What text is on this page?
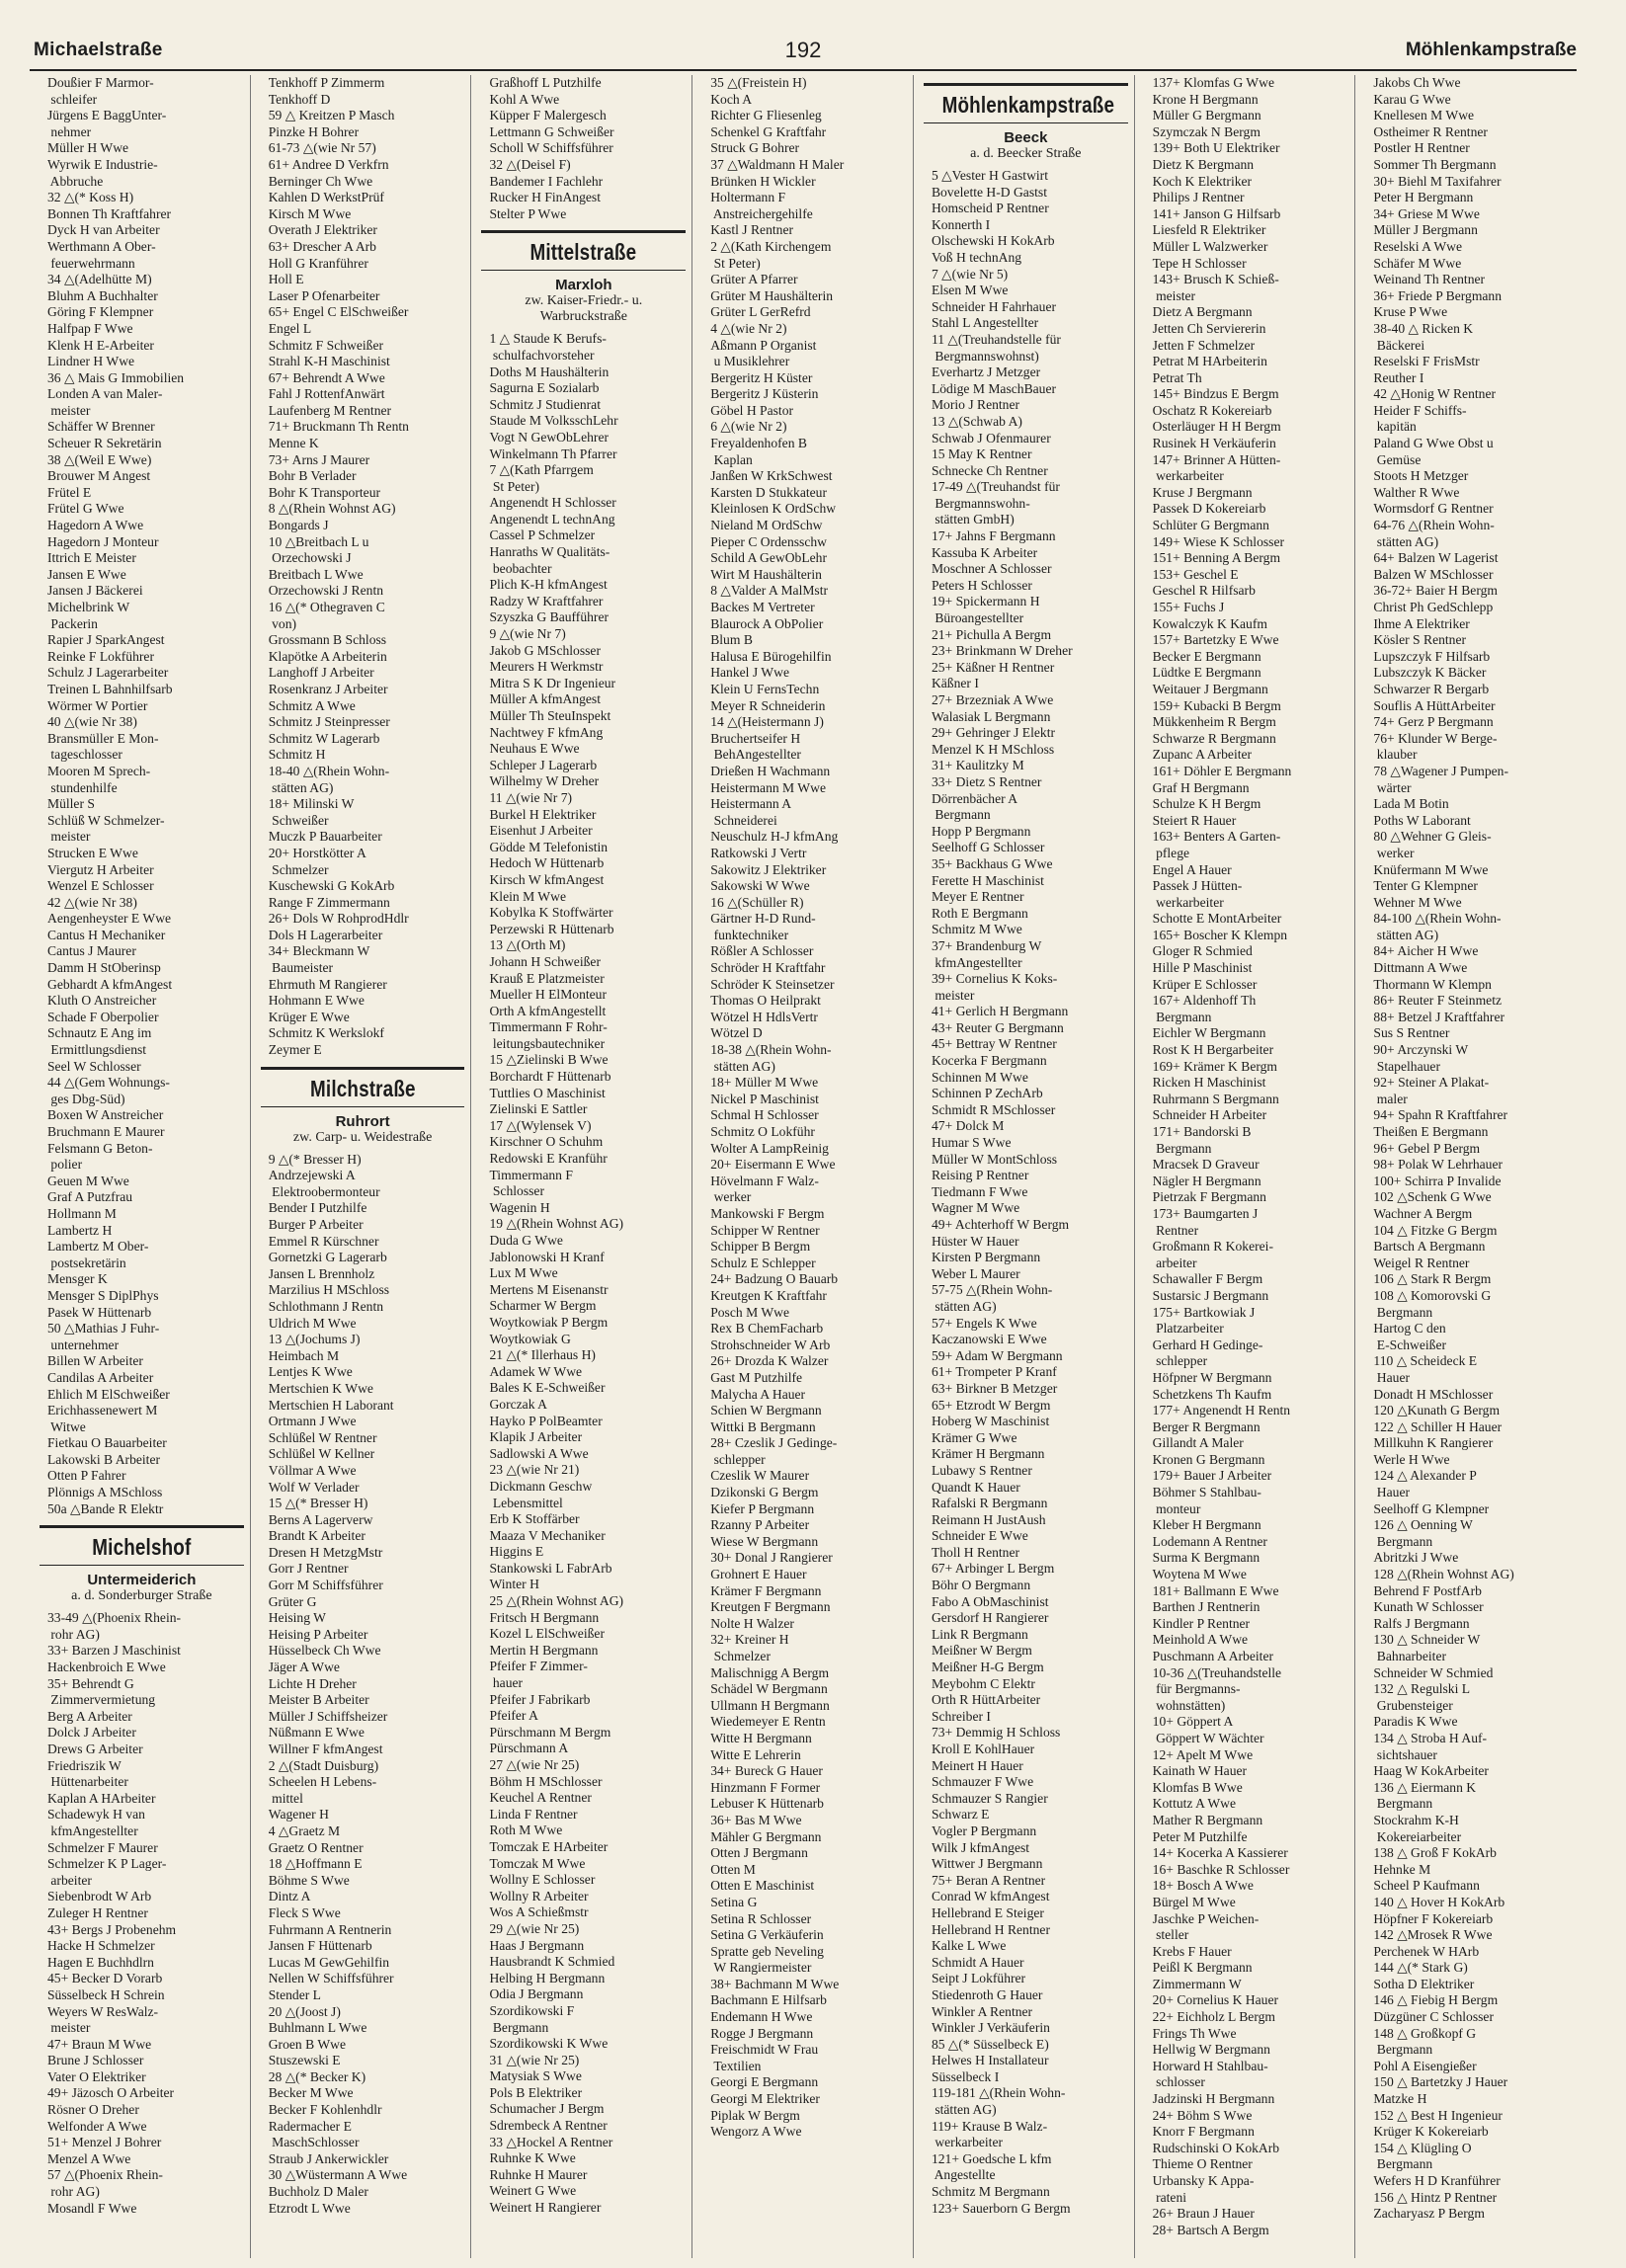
Michaelstraße	192	Möhlenkampstraße
Doußier F Marmor-
schleifer
Jürgens E BaggUnter-
nehmer
Müller H Wwe
Wyrwik E Industrie-
Abbruche
32 △(* Koss H)
Bonnen Th Kraftfahrer
Dyck H van Arbeiter
Werthmann A Ober-
feuerwehrmann
34 △(Adelhütte M)
Bluhm A Buchhalter
Göring F Klempner
Halfpap F Wwe
Klenk H E-Arbeiter
Lindner H Wwe
36 △ Mais G Immobilien
Londen A van Maler-
meister
Schäffer W Brenner
Scheuer R Sekretärin
38 △(Weil E Wwe)
Brouwer M Angest
Frütel E
Frütel G Wwe
Hagedorn A Wwe
Hagedorn J Monteur
Ittrich E Meister
Jansen E Wwe
Jansen J Bäckerei
Michelbrink W
Packerin
Rapier J SparkAngest
Reinke F Lokführer
Schulz J Lagerarbeiter
Treinen L Bahnhilfsarb
Wörmer W Portier
40 △(wie Nr 38)
Bransmüller E Mon-
tageschlosser
Mooren M Sprech-
stundenhilfe
Müller S
Schlüß W Schmelzer-
meister
Strucken E Wwe
Viergutz H Arbeiter
Wenzel E Schlosser
42 △(wie Nr 38)
Aengenheyster E Wwe
Cantus H Mechaniker
Cantus J Maurer
Damm H StOberinsp
Gebhardt A kfmAngest
Kluth O Anstreicher
Schade F Oberpolier
Schnautz E Ang im
Ermittlungsdienst
Seel W Schlosser
44 △(Gem Wohnungs-
ges Dbg-Süd)
Boxen W Anstreicher
Bruchmann E Maurer
Felsmann G Beton-
polier
Geuen M Wwe
Graf A Putzfrau
Hollmann M
Lambertz H
Lambertz M Ober-
postsekretärin
Mensger K
Mensger S DiplPhys
Pasek W Hüttenarb
50 △Mathias J Fuhr-
unternehmer
Billen W Arbeiter
Candilas A Arbeiter
Ehlich M ElSchweißer
Erichhassenewert M
Witwe
Fietkau O Bauarbeiter
Lakowski B Arbeiter
Otten P Fahrer
Plönnigs A MSchloss
50a △Bande R Elektr
Michelshof
Untermeiderich
a. d. Sonderburger Straße
33-49 △(Phoenix Rhein-
rohr AG)
33+ Barzen J Maschinist
Hackenbroich E Wwe
35+ Behrendt G
Zimmervermietung
Berg A Arbeiter
Dolck J Arbeiter
Drews G Arbeiter
Friedriszik W
Hüttenarbeiter
Kaplan A HArbeiter
Schadewyk H van
kfmAngestellter
Schmelzer F Maurer
Schmelzer K P Lager-
arbeiter
Siebenbrodt W Arb
Zuleger H Rentner
43+ Bergs J Probenehm
Hacke H Schmelzer
Hagen E Buchhdlrn
45+ Becker D Vorarb
Süsselbeck H Schrein
Weyers W ResWalz-
meister
47+ Braun M Wwe
Brune J Schlosser
Vater O Elektriker
49+ Jäzosch O Arbeiter
Rösner O Dreher
Welfonder A Wwe
51+ Menzel J Bohrer
Menzel A Wwe
57 △(Phoenix Rhein-
rohr AG)
Mosandl F Wwe
Tenkhoff P Zimmerm
Tenkhoff D
59 △ Kreitzen P Masch
Pinzke H Bohrer
61-73 △(wie Nr 57)
61+ Andree D Verkfrn
Berninger Ch Wwe
Kahlen D WerkstPrüf
Kirsch M Wwe
Overath J Elektriker
63+ Drescher A Arb
Holl G Kranführer
Holl E
Laser P Ofenarbeiter
65+ Engel C ElSchweißer
Engel L
Schmitz F Schweißer
Strahl K-H Maschinist
67+ Behrendt A Wwe
Fahl J RottenfAnwärt
Laufenberg M Rentner
71+ Bruckmann Th Rentn
Menne K
73+ Arns J Maurer
Bohr B Verlader
Bohr K Transporteur
8 △(Rhein Wohnst AG)
Bongards J
10 △Breitbach L u
Orzechowski J
Breitbach L Wwe
Orzechowski J Rentn
16 △(* Othegraven C
von)
Grossmann B Schloss
Klapötke A Arbeiterin
Langhoff J Arbeiter
Rosenkranz J Arbeiter
Schmitz A Wwe
Schmitz J Steinpresser
Schmitz W Lagerarb
Schmitz H
18-40 △(Rhein Wohn-
stätten AG)
18+ Milinski W
Schweißer
Muczk P Bauarbeiter
20+ Horstkötter A
Schmelzer
Kuschewski G KokArb
Range F Zimmermann
26+ Dols W RohprodHdlr
Dols H Lagerarbeiter
34+ Bleckmann W
Baumeister
Ehrmuth M Rangierer
Hohmann E Wwe
Krüger E Wwe
Schmitz K Werkslokf
Zeymer E
Milchstraße
Ruhrort
zw. Carp- u. Weidestraße
9 △(* Bresser H)
Andrzejewski A
Elektroobermonteur
Bender I Putzhilfe
Burger P Arbeiter
Emmel R Kürschner
Gornetzki G Lagerarb
Jansen L Brennholz
Marzilius H MSchloss
Schlothmann J Rentn
Uldrich M Wwe
13 △(Jochums J)
Heimbach M
Lentjes K Wwe
Mertschien K Wwe
Mertschien H Laborant
Ortmann J Wwe
Schlüßel W Rentner
Schlüßel W Kellner
Völlmar A Wwe
Wolf W Verlader
15 △(* Bresser H)
Berns A Lagerverw
Brandt K Arbeiter
Dresen H MetzgMstr
Gorr J Rentner
Gorr M Schiffsführer
Grüter G
Heising W
Heising P Arbeiter
Hüsselbeck Ch Wwe
Jäger A Wwe
Lichte H Dreher
Meister B Arbeiter
Müller J Schiffsheizer
Nüßmann E Wwe
Willner F kfmAngest
2 △(Stadt Duisburg)
Scheelen H Lebens-
mittel
Wagener H
4 △Graetz M
Graetz O Rentner
18 △Hoffmann E
Böhme S Wwe
Dintz A
Fleck S Wwe
Fuhrmann A Rentnerin
Jansen F Hüttenarb
Lucas M GewGehilfin
Nellen W Schiffsführer
Stender L
20 △(Joost J)
Buhlmann L Wwe
Groen B Wwe
Stuszewski E
28 △(* Becker K)
Becker M Wwe
Becker F Kohlenhdlr
Radermacher E
MaschSchlosser
Straub J Ankerwickler
30 △Wüstermann A Wwe
Buchholz D Maler
Etzrodt L Wwe
Graßhoff L Putzhilfe
Kohl A Wwe
Küpper F Malergesch
Lettmann G Schweißer
Scholl W Schiffsführer
32 △(Deisel F)
Bandemer I Fachlehr
Rucker H FinAngest
Stelter P Wwe
Mittelstraße
Marxloh
zw. Kaiser-Friedr.- u. Warbruckstraße
1 △ Staude K Berufs-
schulfachvorsteher
Doths M Haushälterin
Sagurna E Sozialarb
Schmitz J Studienrat
Staude M VolksschLehr
Vogt N GewObLehrer
Winkelmann Th Pfarrer
7 △(Kath Pfarrgem
St Peter)
Angenendt H Schlosser
Angenendt L technAng
Cassel P Schmelzer
Hanraths W Qualitäts-
beobachter
Plich K-H kfmAngest
Radzy W Kraftfahrer
Szyszka G Baufführer
9 △(wie Nr 7)
Jakob G MSchlosser
Meurers H Werkmstr
Mitra S K Dr Ingenieur
Müller A kfmAngest
Müller Th SteuInspekt
Nachtwey F kfmAng
Neuhaus E Wwe
Schleper J Lagerarb
Wilhelmy W Dreher
11 △(wie Nr 7)
Burkel H Elektriker
Eisenhut J Arbeiter
Gödde M Telefonistin
Hedoch W Hüttenarb
Kirsch W kfmAngest
Klein M Wwe
Kobylka K Stoffwärter
Perzewski R Hüttenarb
13 △(Orth M)
Johann H Schweißer
Krauß E Platzmeister
Mueller H ElMonteur
Orth A kfmAngestellt
Timmermann F Rohr-
leitungsbautechniker
15 △Zielinski B Wwe
Borchardt F Hüttenarb
Tuttlies O Maschinist
Zielinski E Sattler
17 △(Wylensek V)
Kirschner O Schuhm
Redowski E Kranführ
Timmermann F
Schlosser
Wagenin H
19 △(Rhein Wohnst AG)
Duda G Wwe
Jablonowski H Kranf
Lux M Wwe
Mertens M Eisenanstr
Scharmer W Bergm
Woytkowiak P Bergm
Woytkowiak G
21 △(* Illerhaus H)
Adamek W Wwe
Bales K E-Schweißer
Gorczak A
Hayko P PolBeamter
Klapik J Arbeiter
Sadlowski A Wwe
23 △(wie Nr 21)
Dickmann Geschw
Lebensmittel
Erb K Stoffärber
Maaza V Mechaniker
Higgins E
Stankowski L FabrArb
Winter H
25 △(Rhein Wohnst AG)
Fritsch H Bergmann
Kozel L ElSchweißer
Mertin H Bergmann
Pfeifer F Zimmer-
hauer
Pfeifer J Fabrikarb
Pfeifer A
Pürschmann M Bergm
Pürschmann A
27 △(wie Nr 25)
Böhm H MSchlosser
Keuchel A Rentner
Linda F Rentner
Roth M Wwe
Tomczak E HArbeiter
Tomczak M Wwe
Wollny E Schlosser
Wollny R Arbeiter
Wos A Schießmstr
29 △(wie Nr 25)
Haas J Bergmann
Hausbrandt K Schmied
Helbing H Bergmann
Odia J Bergmann
Szordikowski F
Bergmann
Szordikowski K Wwe
31 △(wie Nr 25)
Matysiak S Wwe
Pols B Elektriker
Schumacher J Bergm
Sdrembeck A Rentner
33 △Hockel A Rentner
Ruhnke K Wwe
Ruhnke H Maurer
Weinert G Wwe
Weinert H Rangierer
35 △(Freistein H)
Koch A
Richter G Fliesenleg
Schenkel G Kraftfahr
Struck G Bohrer
37 △Waldmann H Maler
Brünken H Wickler
Holtermann F
Anstreichergehilfe
Kastl J Rentner
2 △(Kath Kirchengem
St Peter)
Grüter A Pfarrer
Grüter M Haushälterin
Grüter L GerRefrd
4 △(wie Nr 2)
Aßmann P Organist
u Musiklehrer
Bergeritz H Küster
Bergeritz J Küsterin
Göbel H Pastor
6 △(wie Nr 2)
Freyaldenhofen B
Kaplan
Janßen W KrkSchwest
Karsten D Stukkateur
Kleinlosen K OrdSchw
Nieland M OrdSchw
Pieper C Ordensschw
Schild A GewObLehr
Wirt M Haushälterin
8 △Valder A MalMstr
Backes M Vertreter
Blaurock A ObPolier
Blum B
Halusa E Bürogehilfin
Hankel J Wwe
Klein U FernsTechn
Meyer R Schneiderin
14 △(Heistermann J)
Bruchertseifer H
BehAngestellter
Drießen H Wachmann
Heistermann M Wwe
Heistermann A
Schneiderei
Neuschulz H-J kfmAng
Ratkowski J Vertr
Sakowitz J Elektriker
Sakowski W Wwe
16 △(Schüller R)
Gärtner H-D Rund-
funktechniker
Rößler A Schlosser
Schröder H Kraftfahr
Schröder K Steinsetzer
Thomas O Heilprakt
Wötzel H HdlsVertr
Wötzel D
18-38 △(Rhein Wohn-
stätten AG)
18+ Müller M Wwe
Nickel P Maschinist
Schmal H Schlosser
Schmitz O Lokführ
Wolter A LampReinig
20+ Eisermann E Wwe
Hövelmann F Walz-
werker
Mankowski F Bergm
Schipper W Rentner
Schipper B Bergm
Schulz E Schlepper
24+ Badzung O Bauarb
Kreutgen K Kraftfahr
Posch M Wwe
Rex B ChemFacharb
Strohschneider W Arb
26+ Drozda K Walzer
Gast M Putzhilfe
Malycha A Hauer
Schien W Bergmann
Wittki B Bergmann
28+ Czeslik J Gedinge-
schlepper
Czeslik W Maurer
Dzikonski G Bergm
Kiefer P Bergmann
Rzanny P Arbeiter
Wiese W Bergmann
30+ Donal J Rangierer
Grohnert E Hauer
Krämer F Bergmann
Kreutgen F Bergmann
Nolte H Walzer
32+ Kreiner H
Schmelzer
Malischnigg A Bergm
Schädel W Bergmann
Ullmann H Bergmann
Wiedemeyer E Rentn
Witte H Bergmann
Witte E Lehrerin
34+ Bureck G Hauer
Hinzmann F Former
Lebuser K Hüttenarb
36+ Bas M Wwe
Mähler G Bergmann
Otten J Bergmann
Otten M
Otten E Maschinist
Setina G
Setina R Schlosser
Setina G Verkäuferin
Spratte geb Neveling
W Rangiermeister
38+ Bachmann M Wwe
Bachmann E Hilfsarb
Endemann H Wwe
Rogge J Bergmann
Freischmidt W Frau
Textilien
Georgi E Bergmann
Georgi M Elektriker
Piplak W Bergm
Wengorz A Wwe
Möhlenkampstraße
Beeck
a. d. Beecker Straße
5 △Vester H Gastwirt
Bovelette H-D Gastst
Homscheid P Rentner
Konnerth I
Olschewski H KokArb
Voß H technAng
7 △(wie Nr 5)
Elsen M Wwe
Schneider H Fahrhauer
Stahl L Angestellter
11 △(Treuhandstelle für
Bergmannswohnst)
Everhartz J Metzger
Lödige M MaschBauer
Morio J Rentner
13 △(Schwab A)
Schwab J Ofenmaurer
15 May K Rentner
Schnecke Ch Rentner
17-49 △(Treuhandst für
Bergmannswohn-
stätten GmbH)
17+ Jahns F Bergmann
Kassuba K Arbeiter
Moschner A Schlosser
Peters H Schlosser
19+ Spickermann H
Büroangestellter
21+ Pichulla A Bergm
23+ Brinkmann W Dreher
25+ Käßner H Rentner
Käßner I
27+ Brzezniak A Wwe
Walasiak L Bergmann
29+ Gehringer J Elektr
Menzel K H MSchloss
31+ Kaulitzky M
33+ Dietz S Rentner
Dörrenbächer A
Bergmann
Hopp P Bergmann
Seelhoff G Schlosser
35+ Backhaus G Wwe
Ferette H Maschinist
Meyer E Rentner
Roth E Bergmann
Schmitz M Wwe
37+ Brandenburg W
kfmAngestellter
39+ Cornelius K Koks-
meister
41+ Gerlich H Bergmann
43+ Reuter G Bergmann
45+ Bettray W Rentner
Kocerka F Bergmann
Schinnen M Wwe
Schinnen P ZechArb
Schmidt R MSchlosser
47+ Dolck M
Humar S Wwe
Müller W MontSchloss
Reising P Rentner
Tiedmann F Wwe
Wagner M Wwe
49+ Achterhoff W Bergm
Hüster W Hauer
Kirsten P Bergmann
Weber L Maurer
57-75 △(Rhein Wohn-
stätten AG)
57+ Engels K Wwe
Kaczanowski E Wwe
59+ Adam W Bergmann
61+ Trompeter P Kranf
63+ Birkner B Metzger
65+ Etzrodt W Bergm
Hoberg W Maschinist
Krämer G Wwe
Krämer H Bergmann
Lubawy S Rentner
Quandt K Hauer
Rafalski R Bergmann
Reimann H JustAush
Schneider E Wwe
Tholl H Rentner
67+ Arbinger L Bergm
Böhr O Bergmann
Fabo A ObMaschinist
Gersdorf H Rangierer
Link R Bergmann
Meißner W Bergm
Meißner H-G Bergm
Meybohm C Elektr
Orth R HüttArbeiter
Schreiber I
73+ Demmig H Schloss
Kroll E KohlHauer
Meinert H Hauer
Schmauzer F Wwe
Schmauzer S Rangier
Schwarz E
Vogler P Bergmann
Wilk J kfmAngest
Wittwer J Bergmann
75+ Beran A Rentner
Conrad W kfmAngest
Hellebrand E Steiger
Hellebrand H Rentner
Kalke L Wwe
Schmidt A Hauer
Seipt J Lokführer
Stiedenroth G Hauer
Winkler A Rentner
Winkler J Verkäuferin
85 △(* Süsselbeck E)
Helwes H Installateur
Süsselbeck I
119-181 △(Rhein Wohn-
stätten AG)
119+ Krause B Walz-
werkarbeiter
121+ Goedsche L kfm
Angestellte
Schmitz M Bergmann
123+ Sauerborn G Bergm
137+ Klomfas G Wwe
Krone H Bergmann
Müller G Bergmann
Szymczak N Bergm
139+ Both U Elektriker
Dietz K Bergmann
Koch K Elektriker
Philips J Rentner
141+ Janson G Hilfsarb
Liesfeld R Elektriker
Müller L Walzwerker
Tepe H Schlosser
143+ Brusch K Schieß-
meister
Dietz A Bergmann
Jetten Ch Serviererin
Jetten F Schmelzer
Petrat M HArbeiterin
Petrat Th
145+ Bindzus E Bergm
Oschatz R Kokereiarb
Osterläuger H H Bergm
Rusinek H Verkäuferin
147+ Brinner A Hütten-
werkarbeiter
Kruse J Bergmann
Passek D Kokereiarb
Schlüter G Bergmann
149+ Wiese K Schlosser
151+ Benning A Bergm
153+ Geschel E
Geschel R Hilfsarb
155+ Fuchs J
Kowalczyk K Kaufm
157+ Bartetzky E Wwe
Becker E Bergmann
Lüdtke E Bergmann
Weitauer J Bergmann
159+ Kubacki B Bergm
Mükkenheim R Bergm
Schwarze R Bergmann
Zupanc A Arbeiter
161+ Döhler E Bergmann
Graf H Bergmann
Schulze K H Bergm
Steiert R Hauer
163+ Benters A Garten-
pflege
Engel A Hauer
Passek J Hütten-
werkarbeiter
Schotte E MontArbeiter
165+ Boscher K Klempn
Gloger R Schmied
Hille P Maschinist
Krüper E Schlosser
167+ Aldenhoff Th
Bergmann
Eichler W Bergmann
Rost K H Bergarbeiter
169+ Krämer K Bergm
Ricken H Maschinist
Ruhrmann S Bergmann
Schneider H Arbeiter
171+ Bandorski B
Bergmann
Mracsek D Graveur
Nägler H Bergmann
Pietrzak F Bergmann
173+ Baumgarten J
Rentner
Großmann R Kokerei-
arbeiter
Schawaller F Bergm
Sustarsic J Bergmann
175+ Bartkowiak J
Platzarbeiter
Gerhard H Gedinge-
schlepper
Höfpner W Bergmann
Schetzkens Th Kaufm
177+ Angenendt H Rentn
Berger R Bergmann
Gillandt A Maler
Kronen G Bergmann
179+ Bauer J Arbeiter
Böhmer S Stahlbau-
monteur
Kleber H Bergmann
Lodemann A Rentner
Surma K Bergmann
Woytena M Wwe
181+ Ballmann E Wwe
Barthen J Rentnerin
Kindler P Rentner
Meinhold A Wwe
Puschmann A Arbeiter
10-36 △(Treuhandstelle
für Bergmanns-
wohnstätten)
10+ Göppert A
Göppert W Wächter
12+ Apelt M Wwe
Kainath W Hauer
Klomfas B Wwe
Kottutz A Wwe
Mather R Bergmann
Peter M Putzhilfe
14+ Kocerka A Kassierer
16+ Baschke R Schlosser
18+ Bosch A Wwe
Bürgel M Wwe
Jaschke P Weichen-
steller
Krebs F Hauer
Peißl K Bergmann
Zimmermann W
20+ Cornelius K Hauer
22+ Eichholz L Bergm
Frings Th Wwe
Hellwig W Bergmann
Horward H Stahlbau-
schlosser
Jadzinski H Bergmann
24+ Böhm S Wwe
Knorr F Bergmann
Rudschinski O KokArb
Thieme O Rentner
Urbansky K Appa-
rateni
26+ Braun J Hauer
28+ Bartsch A Bergm
Jakobs Ch Wwe
Karau G Wwe
Knellesen M Wwe
Ostheimer R Rentner
Postler H Rentner
Sommer Th Bergmann
30+ Biehl M Taxifahrer
Peter H Bergmann
34+ Griese M Wwe
Müller J Bergmann
Reselski A Wwe
Schäfer M Wwe
Weinand Th Rentner
36+ Friede P Bergmann
Kruse P Wwe
38-40 △ Ricken K
Bäckerei
Reselski F FrisMstr
Reuther I
42 △Honig W Rentner
Heider F Schiffs-
kapitän
Paland G Wwe Obst u
Gemüse
Stoots H Metzger
Walther R Wwe
Wormsdorf G Rentner
64-76 △(Rhein Wohn-
stätten AG)
64+ Balzen W Lagerist
Balzen W MSchlosser
36-72+ Baier H Bergm
Christ Ph GedSchlepp
Ihme A Elektriker
Kösler S Rentner
Lupszczyk F Hilfsarb
Lubszczyk K Bäcker
Schwarzer R Bergarb
Souflis A HüttArbeiter
74+ Gerz P Bergmann
76+ Klunder W Berge-
klauber
78 △Wagener J Pumpen-
wärter
Lada M Botin
Poths W Laborant
80 △Wehner G Gleis-
werker
Knüfermann M Wwe
Tenter G Klempner
Wehner M Wwe
84-100 △(Rhein Wohn-
stätten AG)
84+ Aicher H Wwe
Dittmann A Wwe
Thormann W Klempn
86+ Reuter F Steinmetz
88+ Betzel J Kraftfahrer
Sus S Rentner
90+ Arczynski W
Stapelhauer
92+ Steiner A Plakat-
maler
94+ Spahn R Kraftfahrer
Theißen E Bergmann
96+ Gebel P Bergm
98+ Polak W Lehrhauer
100+ Schirra P Invalide
102 △Schenk G Wwe
Wachner A Bergm
104 △ Fitzke G Bergm
Bartsch A Bergmann
Weigel R Rentner
106 △ Stark R Bergm
108 △ Komorovski G
Bergmann
Hartog C den
E-Schweißer
110 △ Scheideck E
Hauer
Donadt H MSchlosser
120 △Kunath G Bergm
122 △ Schiller H Hauer
Millkuhn K Rangierer
Werle H Wwe
124 △ Alexander P
Hauer
Seelhoff G Klempner
126 △ Oenning W
Bergmann
Abritzki J Wwe
128 △(Rhein Wohnst AG)
Behrend F PostfArb
Kunath W Schlosser
Ralfs J Bergmann
130 △ Schneider W
Bahnarbeiter
Schneider W Schmied
132 △ Regulski L
Grubensteiger
Paradis K Wwe
134 △ Stroba H Auf-
sichtshauer
Haag W KokArbeiter
136 △ Eiermann K
Bergmann
Stockrahm K-H
Kokereiarbeiter
138 △ Groß F KokArb
Hehnke M
Scheel P Kaufmann
140 △ Hover H KokArb
Höpfner F Kokereiarb
142 △Mrosek R Wwe
Perchenek W HArb
144 △(* Stark G)
Sotha D Elektriker
146 △ Fiebig H Bergm
Düzgüner C Schlosser
148 △ Großkopf G
Bergmann
Pohl A Eisengießer
150 △ Bartetzky J Hauer
Matzke H
152 △ Best H Ingenieur
Krüger K Kokereiarb
154 △ Klügling O
Bergmann
Wefers H D Kranführer
156 △ Hintz P Rentner
Zacharyasz P Bergm
